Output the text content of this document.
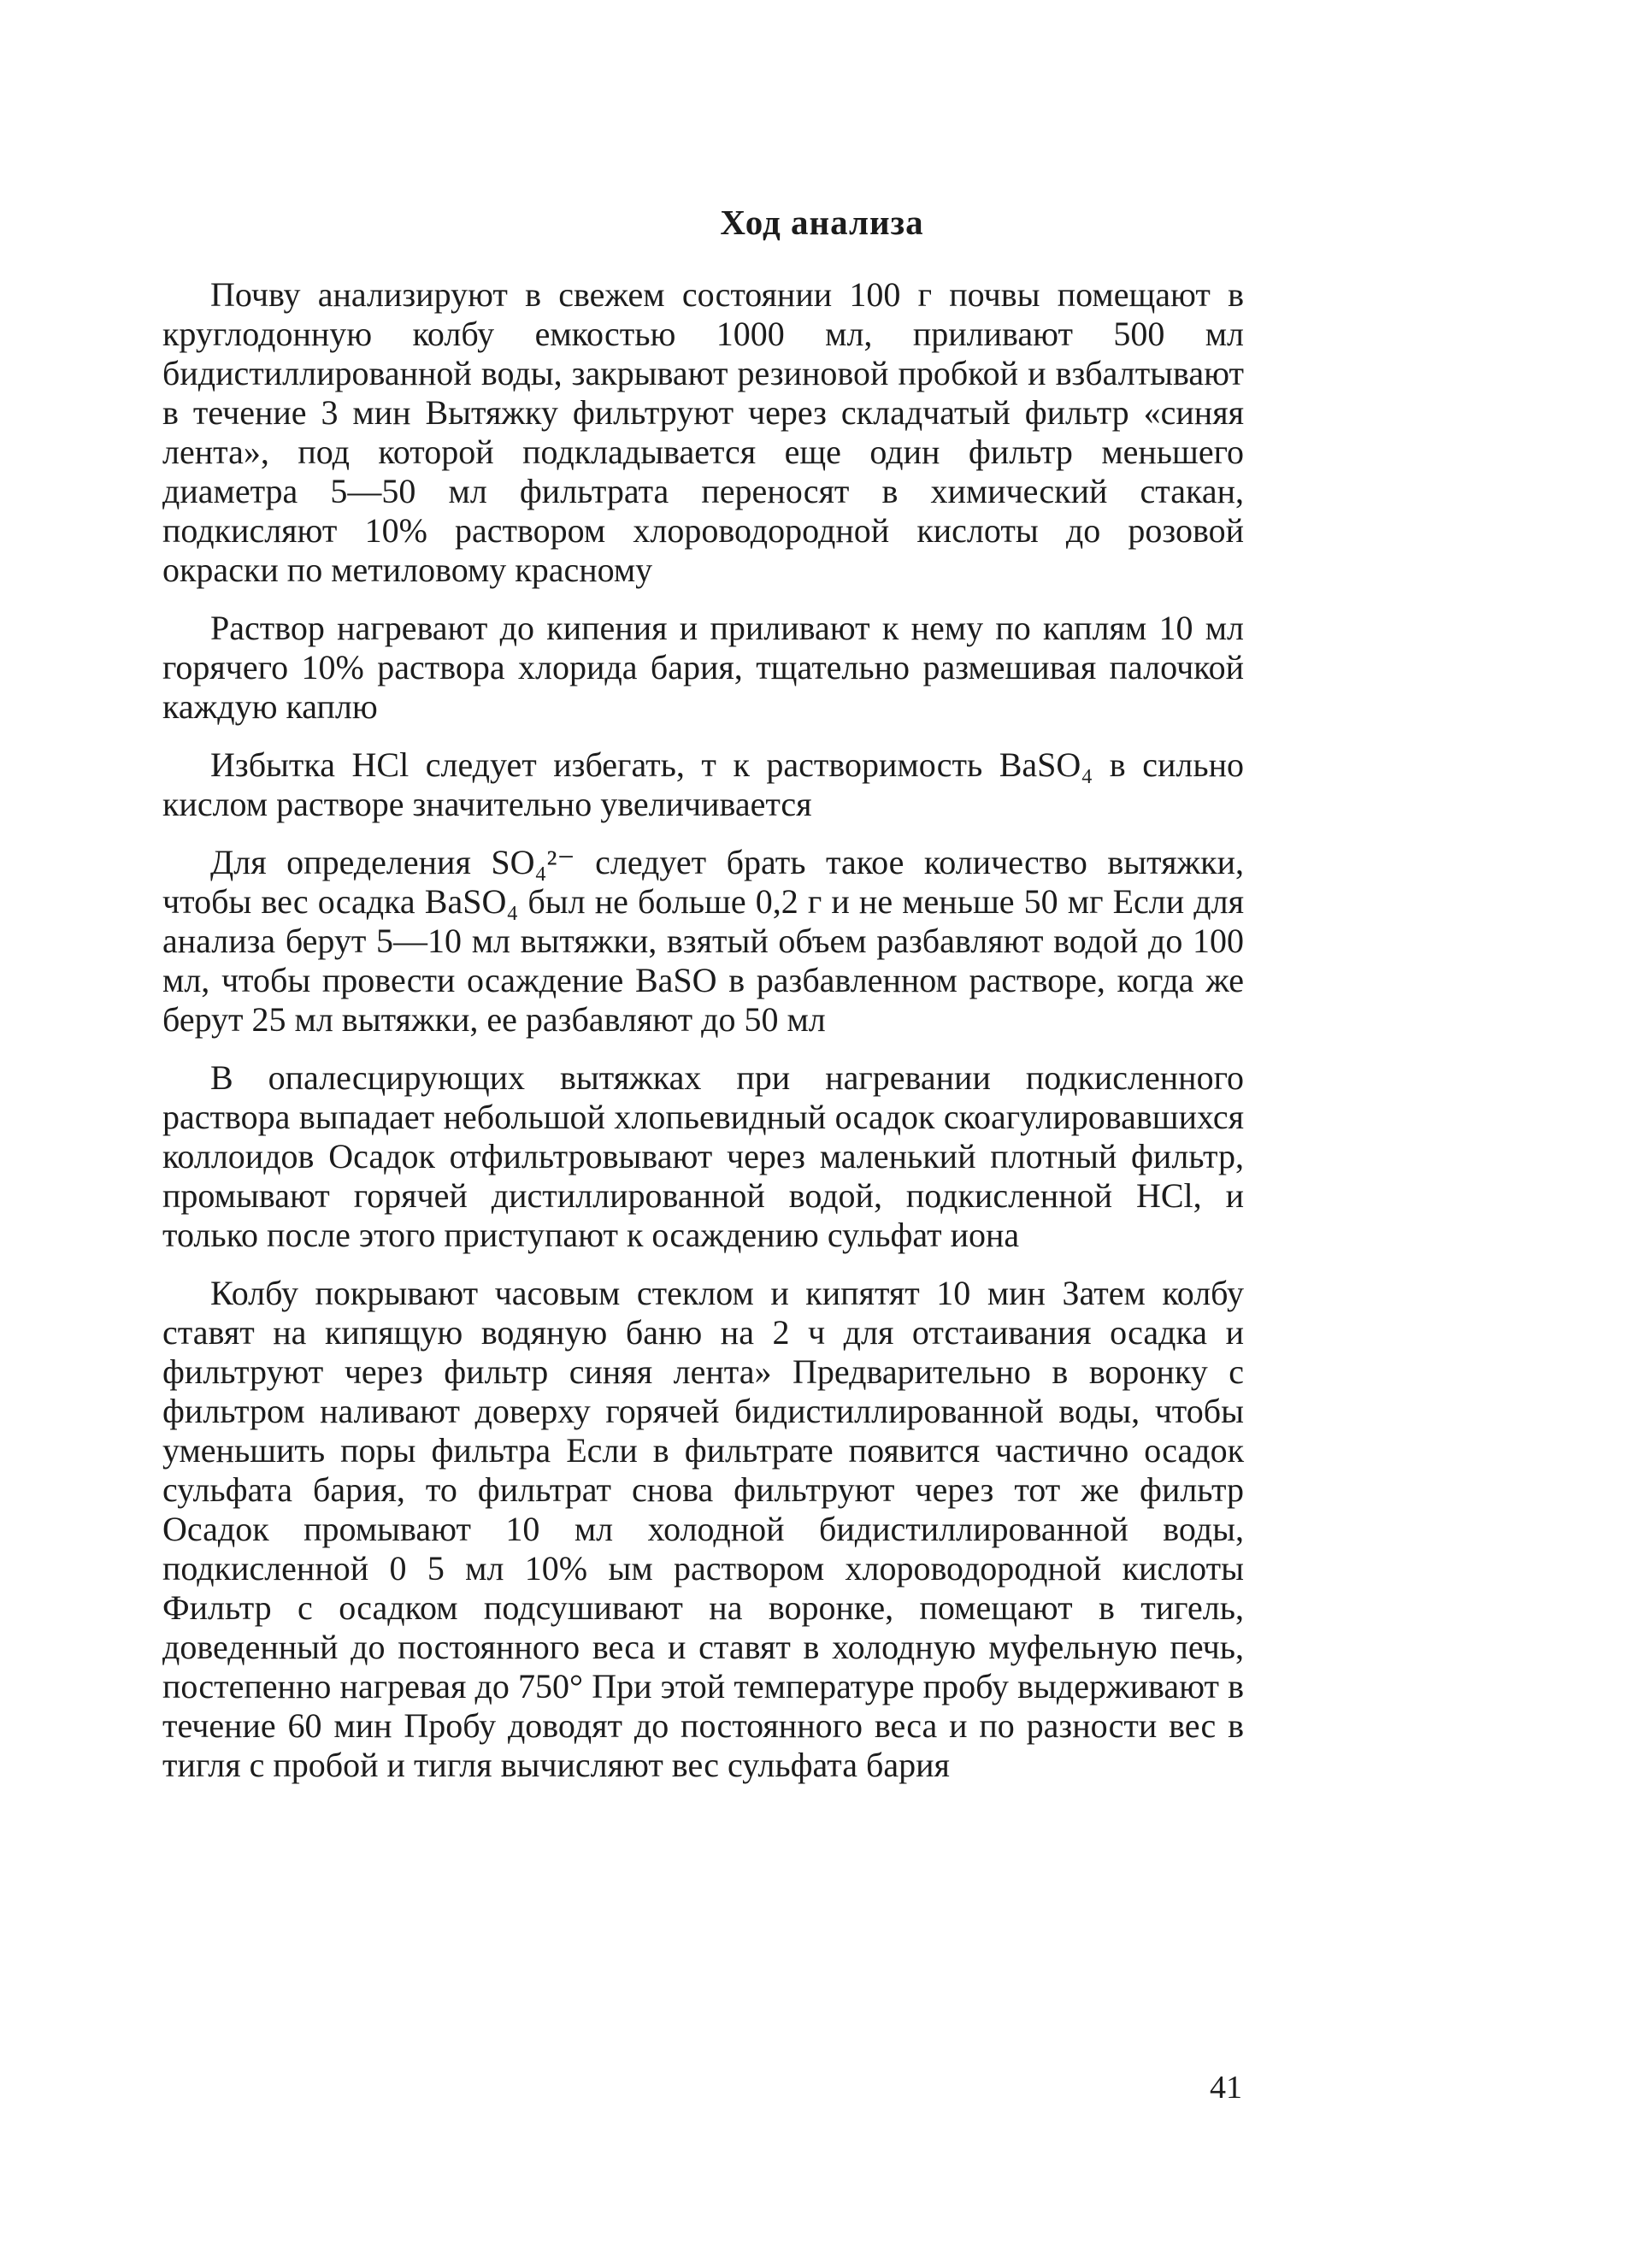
Ход анализа

Почву анализируют в свежем состоянии 100 г почвы помещают в круглодонную колбу емкостью 1000 мл, приливают 500 мл бидистиллированной воды, закрывают резиновой пробкой и взбалтывают в течение 3 мин Вытяжку фильтруют через складчатый фильтр «синяя лента», под которой подкладывается еще один фильтр меньшего диаметра 5—50 мл фильтрата переносят в химический стакан, подкисляют 10% раствором хлороводородной кислоты до розовой окраски по метиловому красному

Раствор нагревают до кипения и приливают к нему по каплям 10 мл горячего 10% раствора хлорида бария, тщательно размешивая палочкой каждую каплю

Избытка HCl следует избегать, т к растворимость BaSO₄ в сильно кислом растворе значительно увеличивается

Для определения SO₄²⁻ следует брать такое количество вытяжки, чтобы вес осадка BaSO₄ был не больше 0,2 г и не меньше 50 мг Если для анализа берут 5—10 мл вытяжки, взятый объем разбавляют водой до 100 мл, чтобы провести осаждение BaSO в разбавленном растворе, когда же берут 25 мл вытяжки, ее разбавляют до 50 мл

В опалесцирующих вытяжках при нагревании подкисленного раствора выпадает небольшой хлопьевидный осадок скоагулировавшихся коллоидов Осадок отфильтровывают через маленький плотный фильтр, промывают горячей дистиллированной водой, подкисленной HCl, и только после этого приступают к осаждению сульфат иона

Колбу покрывают часовым стеклом и кипятят 10 мин Затем колбу ставят на кипящую водяную баню на 2 ч для отстаивания осадка и фильтруют через фильтр синяя лента» Предварительно в воронку с фильтром наливают доверху горячей бидистиллированной воды, чтобы уменьшить поры фильтра Если в фильтрате появится частично осадок сульфата бария, то фильтрат снова фильтруют через тот же фильтр Осадок промывают 10 мл холодной бидистиллированной воды, подкисленной 0 5 мл 10% ым раствором хлороводородной кислоты Фильтр с осадком подсушивают на воронке, помещают в тигель, доведенный до постоянного веса и ставят в холодную муфельную печь, постепенно нагревая до 750° При этой температуре пробу выдерживают в течение 60 мин Пробу доводят до постоянного веса и по разности вес в тигля с пробой и тигля вычисляют вес сульфата бария

41
